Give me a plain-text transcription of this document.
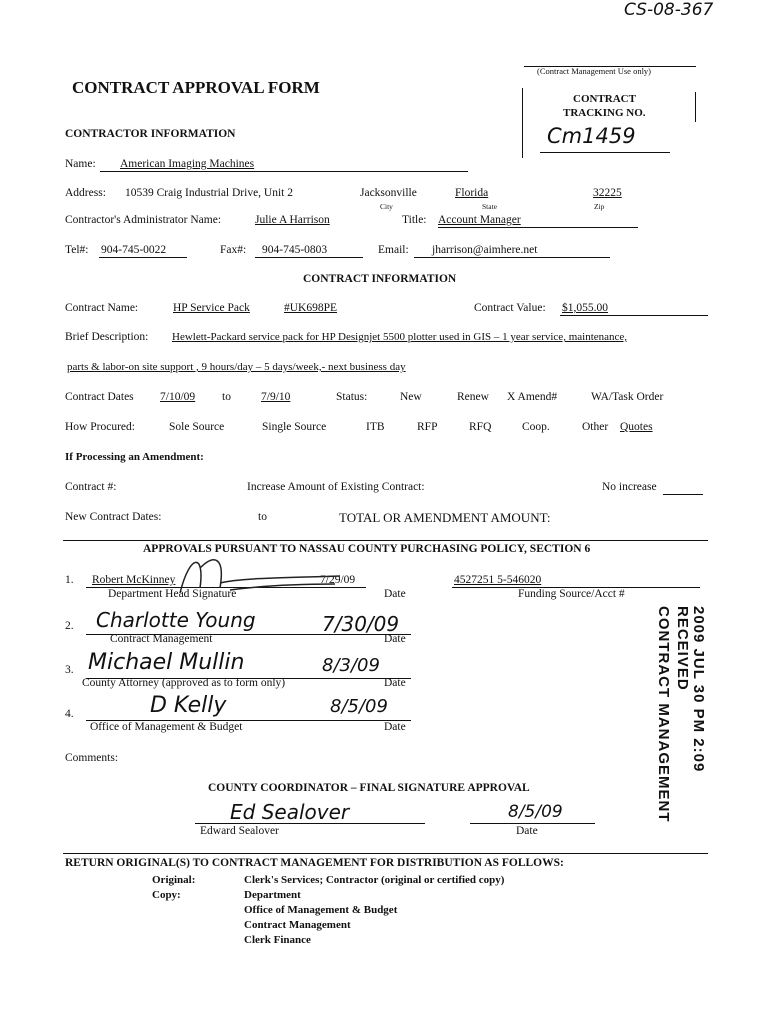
CS-08-367
(Contract Management Use only)
CONTRACT
TRACKING NO.
Cm1459
CONTRACT APPROVAL FORM
CONTRACTOR INFORMATION
Name: American Imaging Machines
Address: 10539 Craig Industrial Drive, Unit 2	Jacksonville
City
Florida
State
32225
Zip
Contractor's Administrator Name:	Julie A Harrison	Title: Account Manager
Tel#: 904-745-0022	Fax#: 904-745-0803	Email: jharrison@aimhere.net
CONTRACT INFORMATION
Contract Name:	HP Service Pack	#UK698PE	Contract Value: $1,055.00
Brief Description: Hewlett-Packard service pack for HP Designjet 5500 plotter used in GIS – 1 year service, maintenance,
parts & labor-on site support , 9 hours/day – 5 days/week,- next business day
Contract Dates 7/10/09 to	7/9/10	Status:	New	Renew X Amend#	WA/Task Order
How Procured:	Sole Source	Single Source	ITB	RFP	RFQ	Coop.	Other Quotes
If Processing an Amendment:
Contract #:	Increase Amount of Existing Contract:	No increase
New Contract Dates:	to	TOTAL OR AMENDMENT AMOUNT:
APPROVALS PURSUANT TO NASSAU COUNTY PURCHASING POLICY, SECTION 6
1. Robert McKinney
Department Head Signature
7/29/09
Date
4527251 5-546020
Funding Source/Acct #
2. Charlotte Young
Contract Management
7/30/09
Date
3. Michael Mullin
County Attorney (approved as to form only)
8/3/09
Date
4.	D Kelly
Office of Management & Budget
8/5/09
Date
Comments:	2009 JUL 30 PM 2:09
RECEIVED
CONTRACT MANAGEMENT
COUNTY COORDINATOR – FINAL SIGNATURE APPROVAL
Ed Sealover
Edward Sealover
8/5/09
Date
RETURN ORIGINAL(S) TO CONTRACT MANAGEMENT FOR DISTRIBUTION AS FOLLOWS:
Original:	Clerk's Services; Contractor (original or certified copy)
Copy:	Department
Office of Management & Budget
Contract Management
Clerk Finance
